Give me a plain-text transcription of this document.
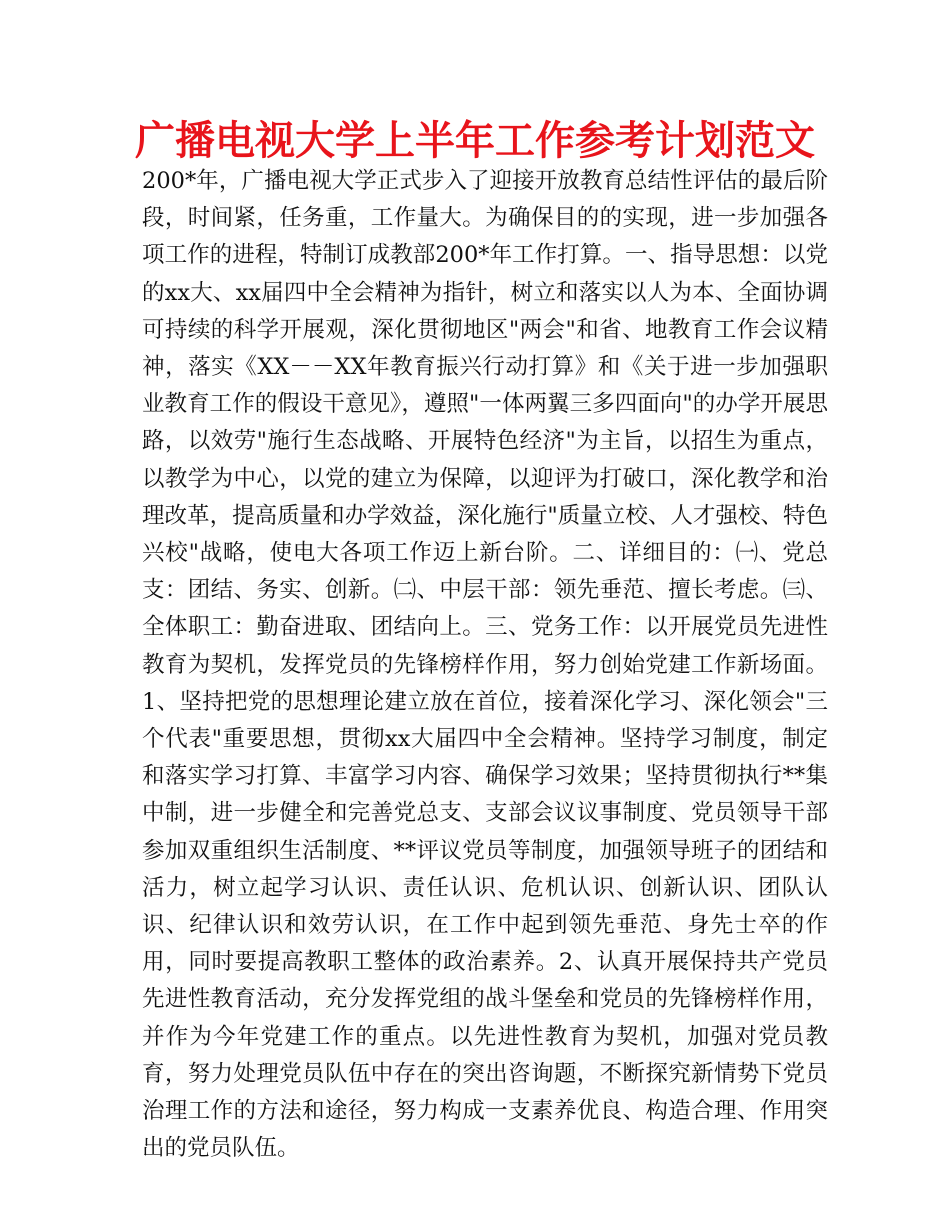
广播电视大学上半年工作参考计划范文

200*年，广播电视大学正式步入了迎接开放教育总结性评估的最后阶段，时间紧，任务重，工作量大。为确保目的的实现，进一步加强各项工作的进程，特制订成教部200*年工作打算。一、指导思想：以党的xx大、xx届四中全会精神为指针，树立和落实以人为本、全面协调可持续的科学开展观，深化贯彻地区"两会"和省、地教育工作会议精神，落实《XX－－XX年教育振兴行动打算》和《关于进一步加强职业教育工作的假设干意见》，遵照"一体两翼三多四面向"的办学开展思路，以效劳"施行生态战略、开展特色经济"为主旨，以招生为重点，以教学为中心，以党的建立为保障，以迎评为打破口，深化教学和治理改革，提高质量和办学效益，深化施行"质量立校、人才强校、特色兴校"战略，使电大各项工作迈上新台阶。二、详细目的：㈠、党总支：团结、务实、创新。㈡、中层干部：领先垂范、擅长考虑。㈢、全体职工：勤奋进取、团结向上。三、党务工作：以开展党员先进性教育为契机，发挥党员的先锋榜样作用，努力创始党建工作新场面。1、坚持把党的思想理论建立放在首位，接着深化学习、深化领会"三个代表"重要思想，贯彻xx大届四中全会精神。坚持学习制度，制定和落实学习打算、丰富学习内容、确保学习效果；坚持贯彻执行**集中制，进一步健全和完善党总支、支部会议议事制度、党员领导干部参加双重组织生活制度、**评议党员等制度，加强领导班子的团结和活力，树立起学习认识、责任认识、危机认识、创新认识、团队认识、纪律认识和效劳认识，在工作中起到领先垂范、身先士卒的作用，同时要提高教职工整体的政治素养。2、认真开展保持共产党员先进性教育活动，充分发挥党组的战斗堡垒和党员的先锋榜样作用，并作为今年党建工作的重点。以先进性教育为契机，加强对党员教育，努力处理党员队伍中存在的突出咨询题，不断探究新情势下党员治理工作的方法和途径，努力构成一支素养优良、构造合理、作用突出的党员队伍。
